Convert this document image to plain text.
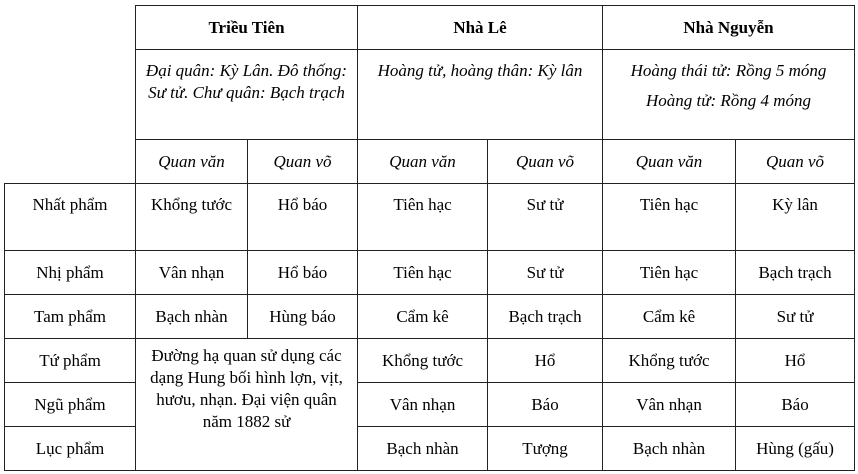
	Triều Tiên		Nhà Lê		Nhà Nguyễn	
	Đại quân: Kỳ Lân. Đô thống: Sư tử. Chư quân: Bạch trạch		Hoàng tử, hoàng thân: Kỳ lân		Hoàng thái tử: Rồng 5 móng
Hoàng tử: Rồng 4 móng	

	Quan văn	Quan võ	Quan văn	Quan võ	Quan văn	Quan võ
Nhất phẩm	Khổng tước	Hổ báo	Tiên hạc	Sư tử	Tiên hạc	Kỳ lân
Nhị phẩm	Vân nhạn	Hổ báo	Tiên hạc	Sư tử	Tiên hạc	Bạch trạch
Tam phẩm	Bạch nhàn	Hùng báo	Cẩm kê	Bạch trạch	Cẩm kê	Sư tử
Tứ phẩm	Đường hạ quan sử dụng các dạng Hung bối hình lợn, vịt, hươu, nhạn. Đại viện quân năm 1882 sử		Khổng tước	Hổ	Khổng tước	Hổ
Ngũ phẩm			Vân nhạn	Báo	Vân nhạn	Báo
Lục phẩm			Bạch nhàn	Tượng	Bạch nhàn	Hùng (gấu)
